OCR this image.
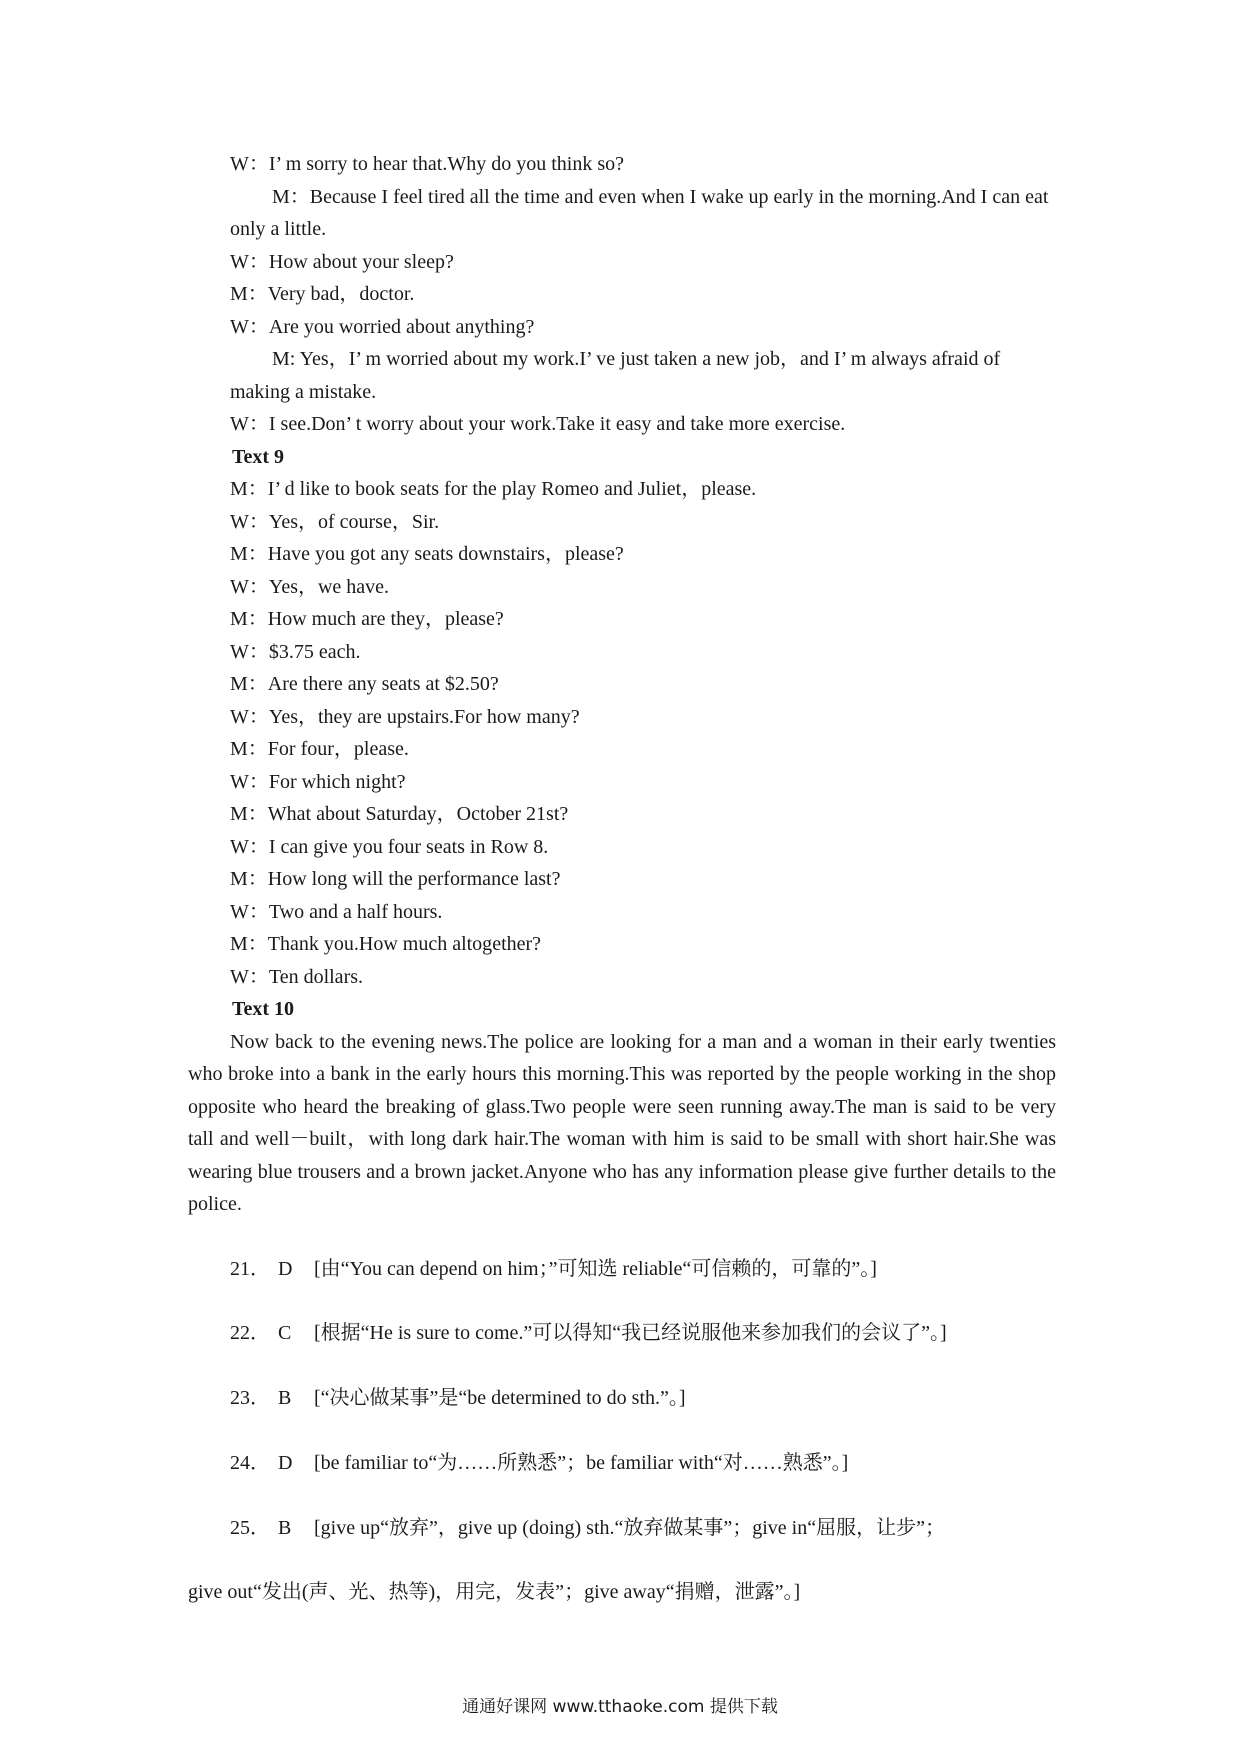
W：I’ m sorry to hear that.Why do you think so?
M：Because I feel tired all the time and even when I wake up early in the morning.And I can eat only a little.
W：How about your sleep?
M：Very bad，doctor.
W：Are you worried about anything?
M: Yes，I’ m worried about my work.I’ ve just taken a new job，and I’ m always afraid of making a mistake.
W：I see.Don’ t worry about your work.Take it easy and take more exercise.
Text 9
M：I’ d like to book seats for the play Romeo and Juliet，please.
W：Yes，of course，Sir.
M：Have you got any seats downstairs，please?
W：Yes，we have.
M：How much are they，please?
W：$3.75 each.
M：Are there any seats at $2.50?
W：Yes，they are upstairs.For how many?
M：For four，please.
W：For which night?
M：What about Saturday，October 21st?
W：I can give you four seats in Row 8.
M：How long will the performance last?
W：Two and a half hours.
M：Thank you.How much altogether?
W：Ten dollars.
Text 10
Now back to the evening news.The police are looking for a man and a woman in their early twenties who broke into a bank in the early hours this morning.This was reported by the people working in the shop opposite who heard the breaking of glass.Two people were seen running away.The man is said to be very tall and well－built，with long dark hair.The woman with him is said to be small with short hair.She was wearing blue trousers and a brown jacket.Anyone who has any information please give further details to the police.
21． D [由“You can depend on him；”可知选 reliable“可信赖的，可靠的”。]
22． C [根据“He is sure to come.”可以得知“我已经说服他来参加我们的会议了”。]
23． B [“决心做某事”是“be determined to do sth.”。]
24． D [be familiar to“为……所熟悉”；be familiar with“对……熟悉”。]
25． B [give up“放弃”，give up (doing) sth.“放弃做某事”；give in“屈服，让步”；
give out“发出(声、光、热等)，用完，发表”；give away“捐赠，泄露”。]
通通好课网 www.tthaoke.com 提供下载
